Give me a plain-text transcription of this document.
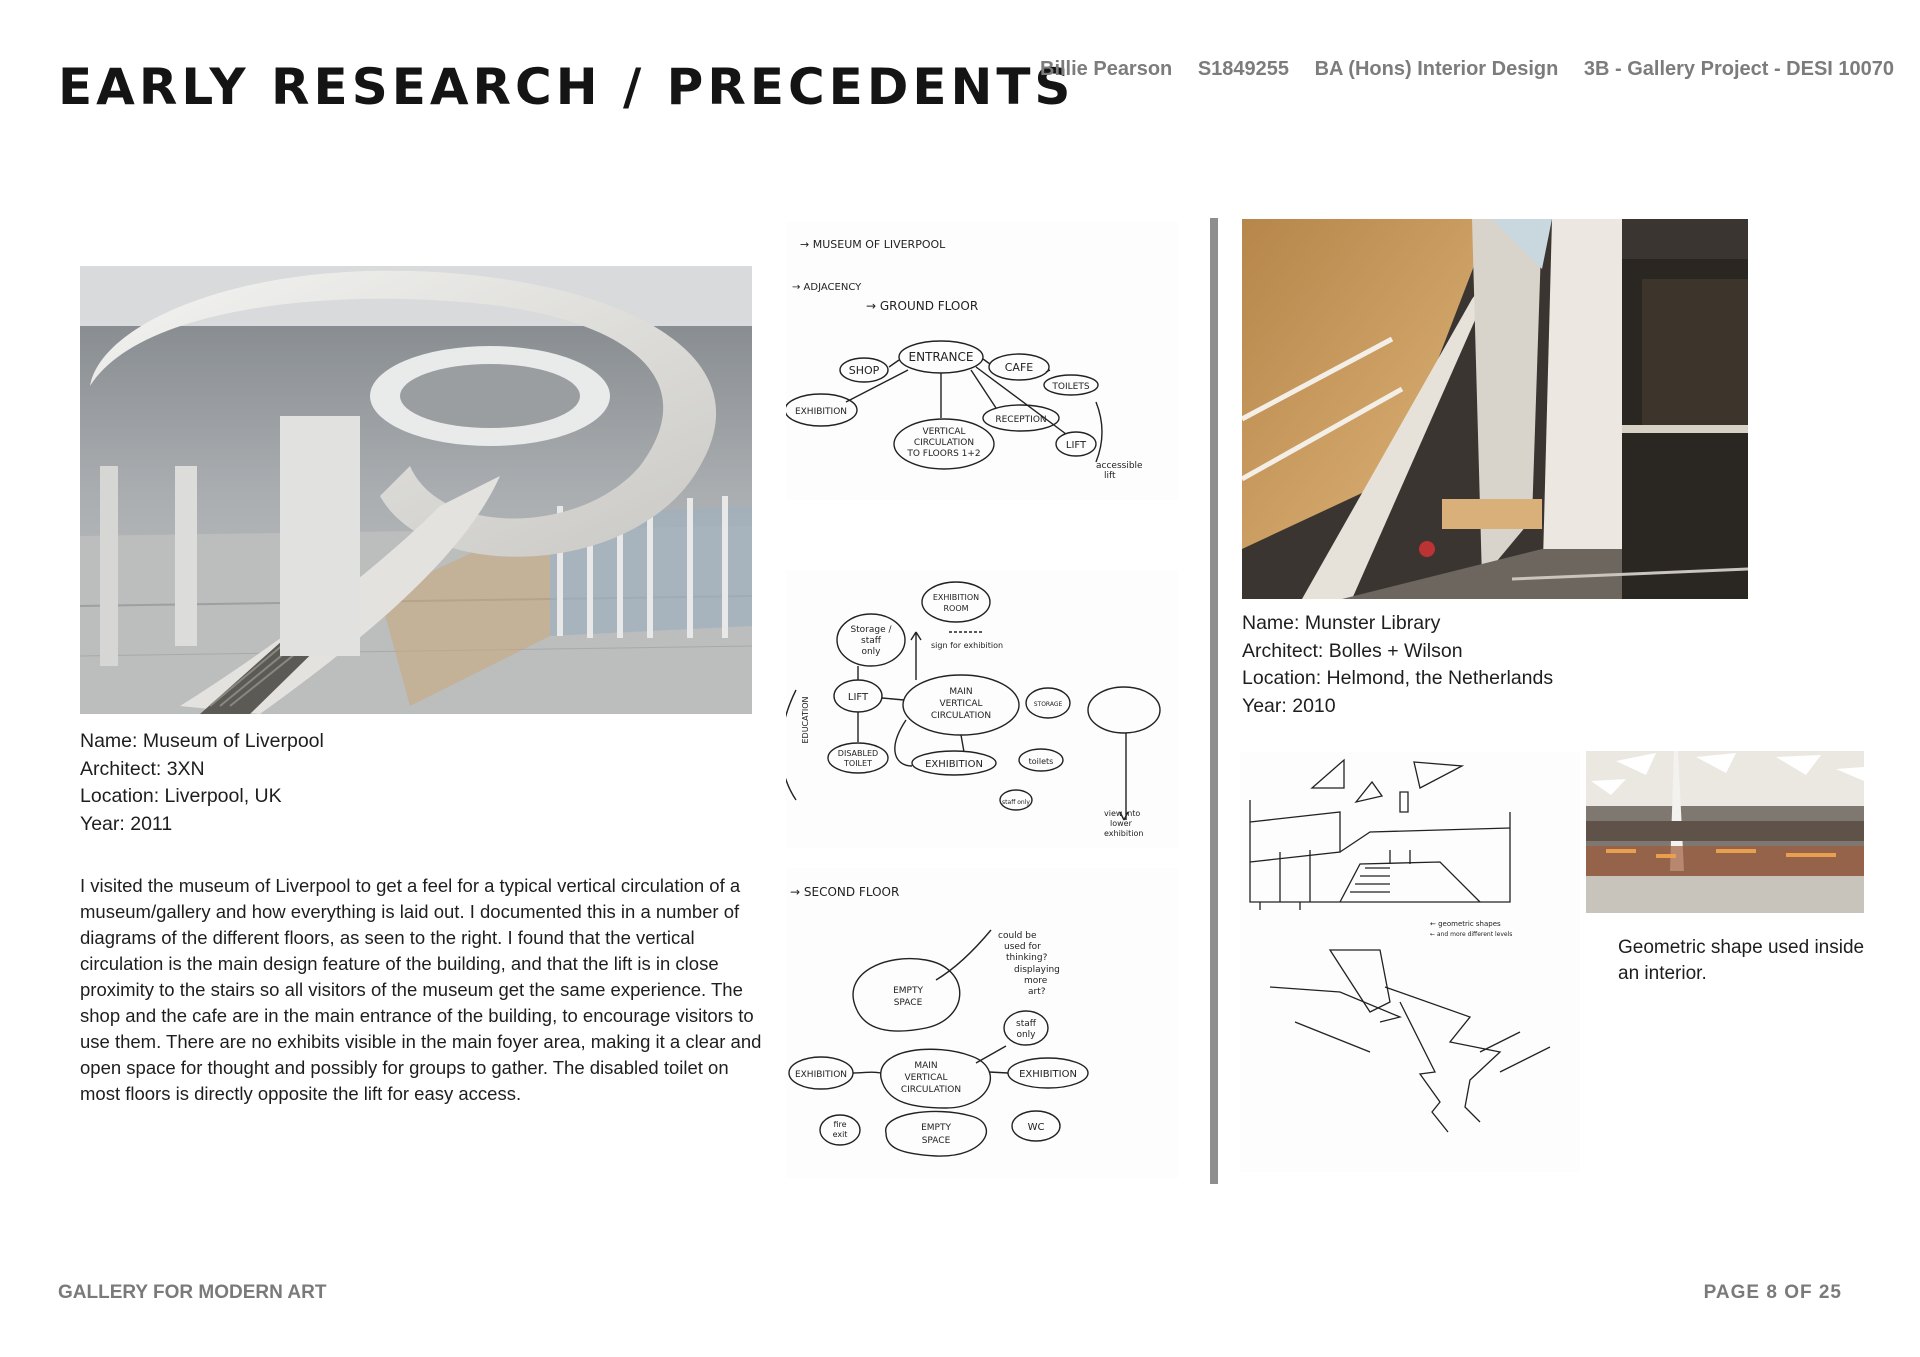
EARLY RESEARCH / PRECEDENTS
Billie Pearson S1849255 BA (Hons) Interior Design 3B - Gallery Project - DESI 10070

Name: Museum of Liverpool

Architect: 3XN

Location: Liverpool, UK

Year: 2011

I visited the museum of Liverpool to get a feel for a typical vertical circulation of a museum/gallery and how everything is laid out. I documented this in a number of diagrams of the different floors, as seen to the right. I found that the vertical circulation is the main design feature of the building, and that the lift is in close proximity to the stairs so all visitors of the museum get the same experience. The shop and the cafe are in the main entrance of the building, to encourage visitors to use them. There are no exhibits visible in the main foyer area, making it a clear and open space for thought and possibly for groups to gather. The disabled toilet on most floors is directly opposite the lift for easy access.

→ MUSEUM OF LIVERPOOL
→ ADJACENCY
→ GROUND FLOOR
ENTRANCE
SHOP	CAFE
TOILETS
EXHIBITION
RECEPTION
LIFT
VERTICAL
CIRCULATION
TO FLOORS 1+2
accessible
lift
EXHIBITION
ROOM
Storage /
staff
only
sign for exhibition
EDUCATION	LIFT	MAIN
VERTICAL
CIRCULATION
STORAGE
DISABLED
TOILET	EXHIBITION	toilets
staff only
view into
lower
exhibition
→ SECOND FLOOR
could be
used for
thinking?
displaying
more
art?
EMPTY
SPACE
staff
only
EXHIBITION
MAIN
VERTICAL
CIRCULATION
EXHIBITION
fire
exit
EMPTY
SPACE
WC

Name: Munster Library

Architect: Bolles + Wilson

Location: Helmond, the Netherlands

Year: 2010

← geometric shapes
← and more different levels

Geometric shape used inside an interior.

GALLERY FOR MODERN ART	PAGE 8 OF 25
